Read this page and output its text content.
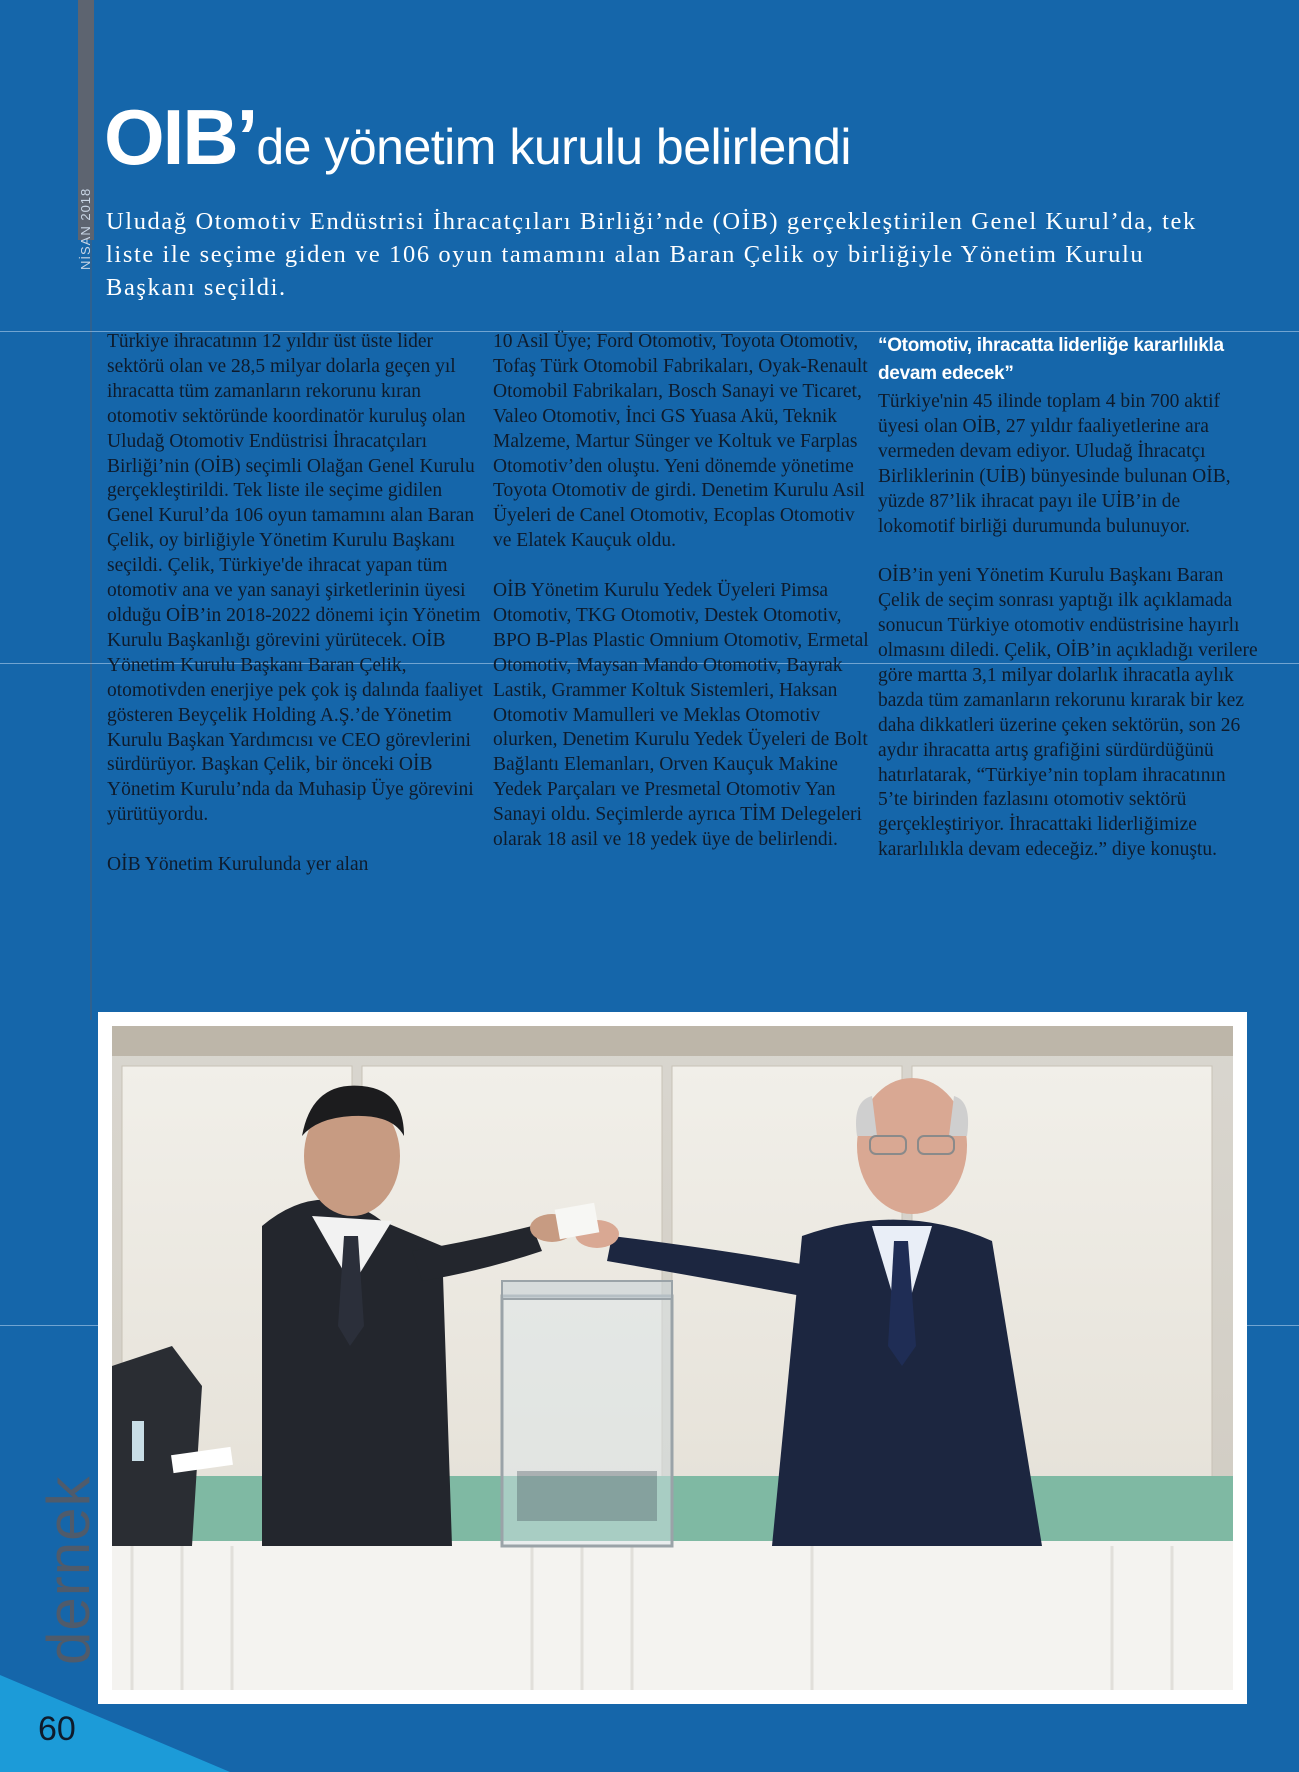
NİSAN 2018
OIB’de yönetim kurulu belirlendi
Uludağ Otomotiv Endüstrisi İhracatçıları Birliği’nde (OİB) gerçekleştirilen Genel Kurul’da, tek liste ile seçime giden ve 106 oyun tamamını alan Baran Çelik oy birliğiyle Yönetim Kurulu Başkanı seçildi.

Türkiye ihracatının 12 yıldır üst üste lider sektörü olan ve 28,5 milyar dolarla geçen yıl ihracatta tüm zamanların rekorunu kıran otomotiv sektöründe koordinatör kuruluş olan Uludağ Otomotiv Endüstrisi İhracatçıları Birliği’nin (OİB) seçimli Olağan Genel Kurulu gerçekleştirildi. Tek liste ile seçime gidilen Genel Kurul’da 106 oyun tamamını alan Baran Çelik, oy birliğiyle Yönetim Kurulu Başkanı seçildi. Çelik, Türkiye'de ihracat yapan tüm otomotiv ana ve yan sanayi şirketlerinin üyesi olduğu OİB’in 2018-2022 dönemi için Yönetim Kurulu Başkanlığı görevini yürütecek. OİB Yönetim Kurulu Başkanı Baran Çelik, otomotivden enerjiye pek çok iş dalında faaliyet gösteren Beyçelik Holding A.Ş.’de Yönetim Kurulu Başkan Yardımcısı ve CEO görevlerini sürdürüyor. Başkan Çelik, bir önceki OİB Yönetim Kurulu’nda da Muhasip Üye görevini yürütüyordu.

OİB Yönetim Kurulunda yer alan

10 Asil Üye; Ford Otomotiv, Toyota Otomotiv, Tofaş Türk Otomobil Fabrikaları, Oyak-Renault Otomobil Fabrikaları, Bosch Sanayi ve Ticaret, Valeo Otomotiv, İnci GS Yuasa Akü, Teknik Malzeme, Martur Sünger ve Koltuk ve Farplas Otomotiv’den oluştu. Yeni dönemde yönetime Toyota Otomotiv de girdi. Denetim Kurulu Asil Üyeleri de Canel Otomotiv, Ecoplas Otomotiv ve Elatek Kauçuk oldu.

OİB Yönetim Kurulu Yedek Üyeleri Pimsa Otomotiv, TKG Otomotiv, Destek Otomotiv, BPO B-Plas Plastic Omnium Otomotiv, Ermetal Otomotiv, Maysan Mando Otomotiv, Bayrak Lastik, Grammer Koltuk Sistemleri, Haksan Otomotiv Mamulleri ve Meklas Otomotiv olurken, Denetim Kurulu Yedek Üyeleri de Bolt Bağlantı Elemanları, Orven Kauçuk Makine Yedek Parçaları ve Presmetal Otomotiv Yan Sanayi oldu. Seçimlerde ayrıca TİM Delegeleri olarak 18 asil ve 18 yedek üye de belirlendi.

“Otomotiv, ihracatta liderliğe kararlılıkla devam edecek”

Türkiye'nin 45 ilinde toplam 4 bin 700 aktif üyesi olan OİB, 27 yıldır faaliyetlerine ara vermeden devam ediyor. Uludağ İhracatçı Birliklerinin (UİB) bünyesinde bulunan OİB, yüzde 87’lik ihracat payı ile UİB’in de lokomotif birliği durumunda bulunuyor.

OİB’in yeni Yönetim Kurulu Başkanı Baran Çelik de seçim sonrası yaptığı ilk açıklamada sonucun Türkiye otomotiv endüstrisine hayırlı olmasını diledi. Çelik, OİB’in açıkladığı verilere göre martta 3,1 milyar dolarlık ihracatla aylık bazda tüm zamanların rekorunu kırarak bir kez daha dikkatleri üzerine çeken sektörün, son 26 aydır ihracatta artış grafiğini sürdürdüğünü hatırlatarak, “Türkiye’nin toplam ihracatının 5’te birinden fazlasını otomotiv sektörü gerçekleştiriyor. İhracattaki liderliğimize kararlılıkla devam edeceğiz.” diye konuştu.

dernek
60
